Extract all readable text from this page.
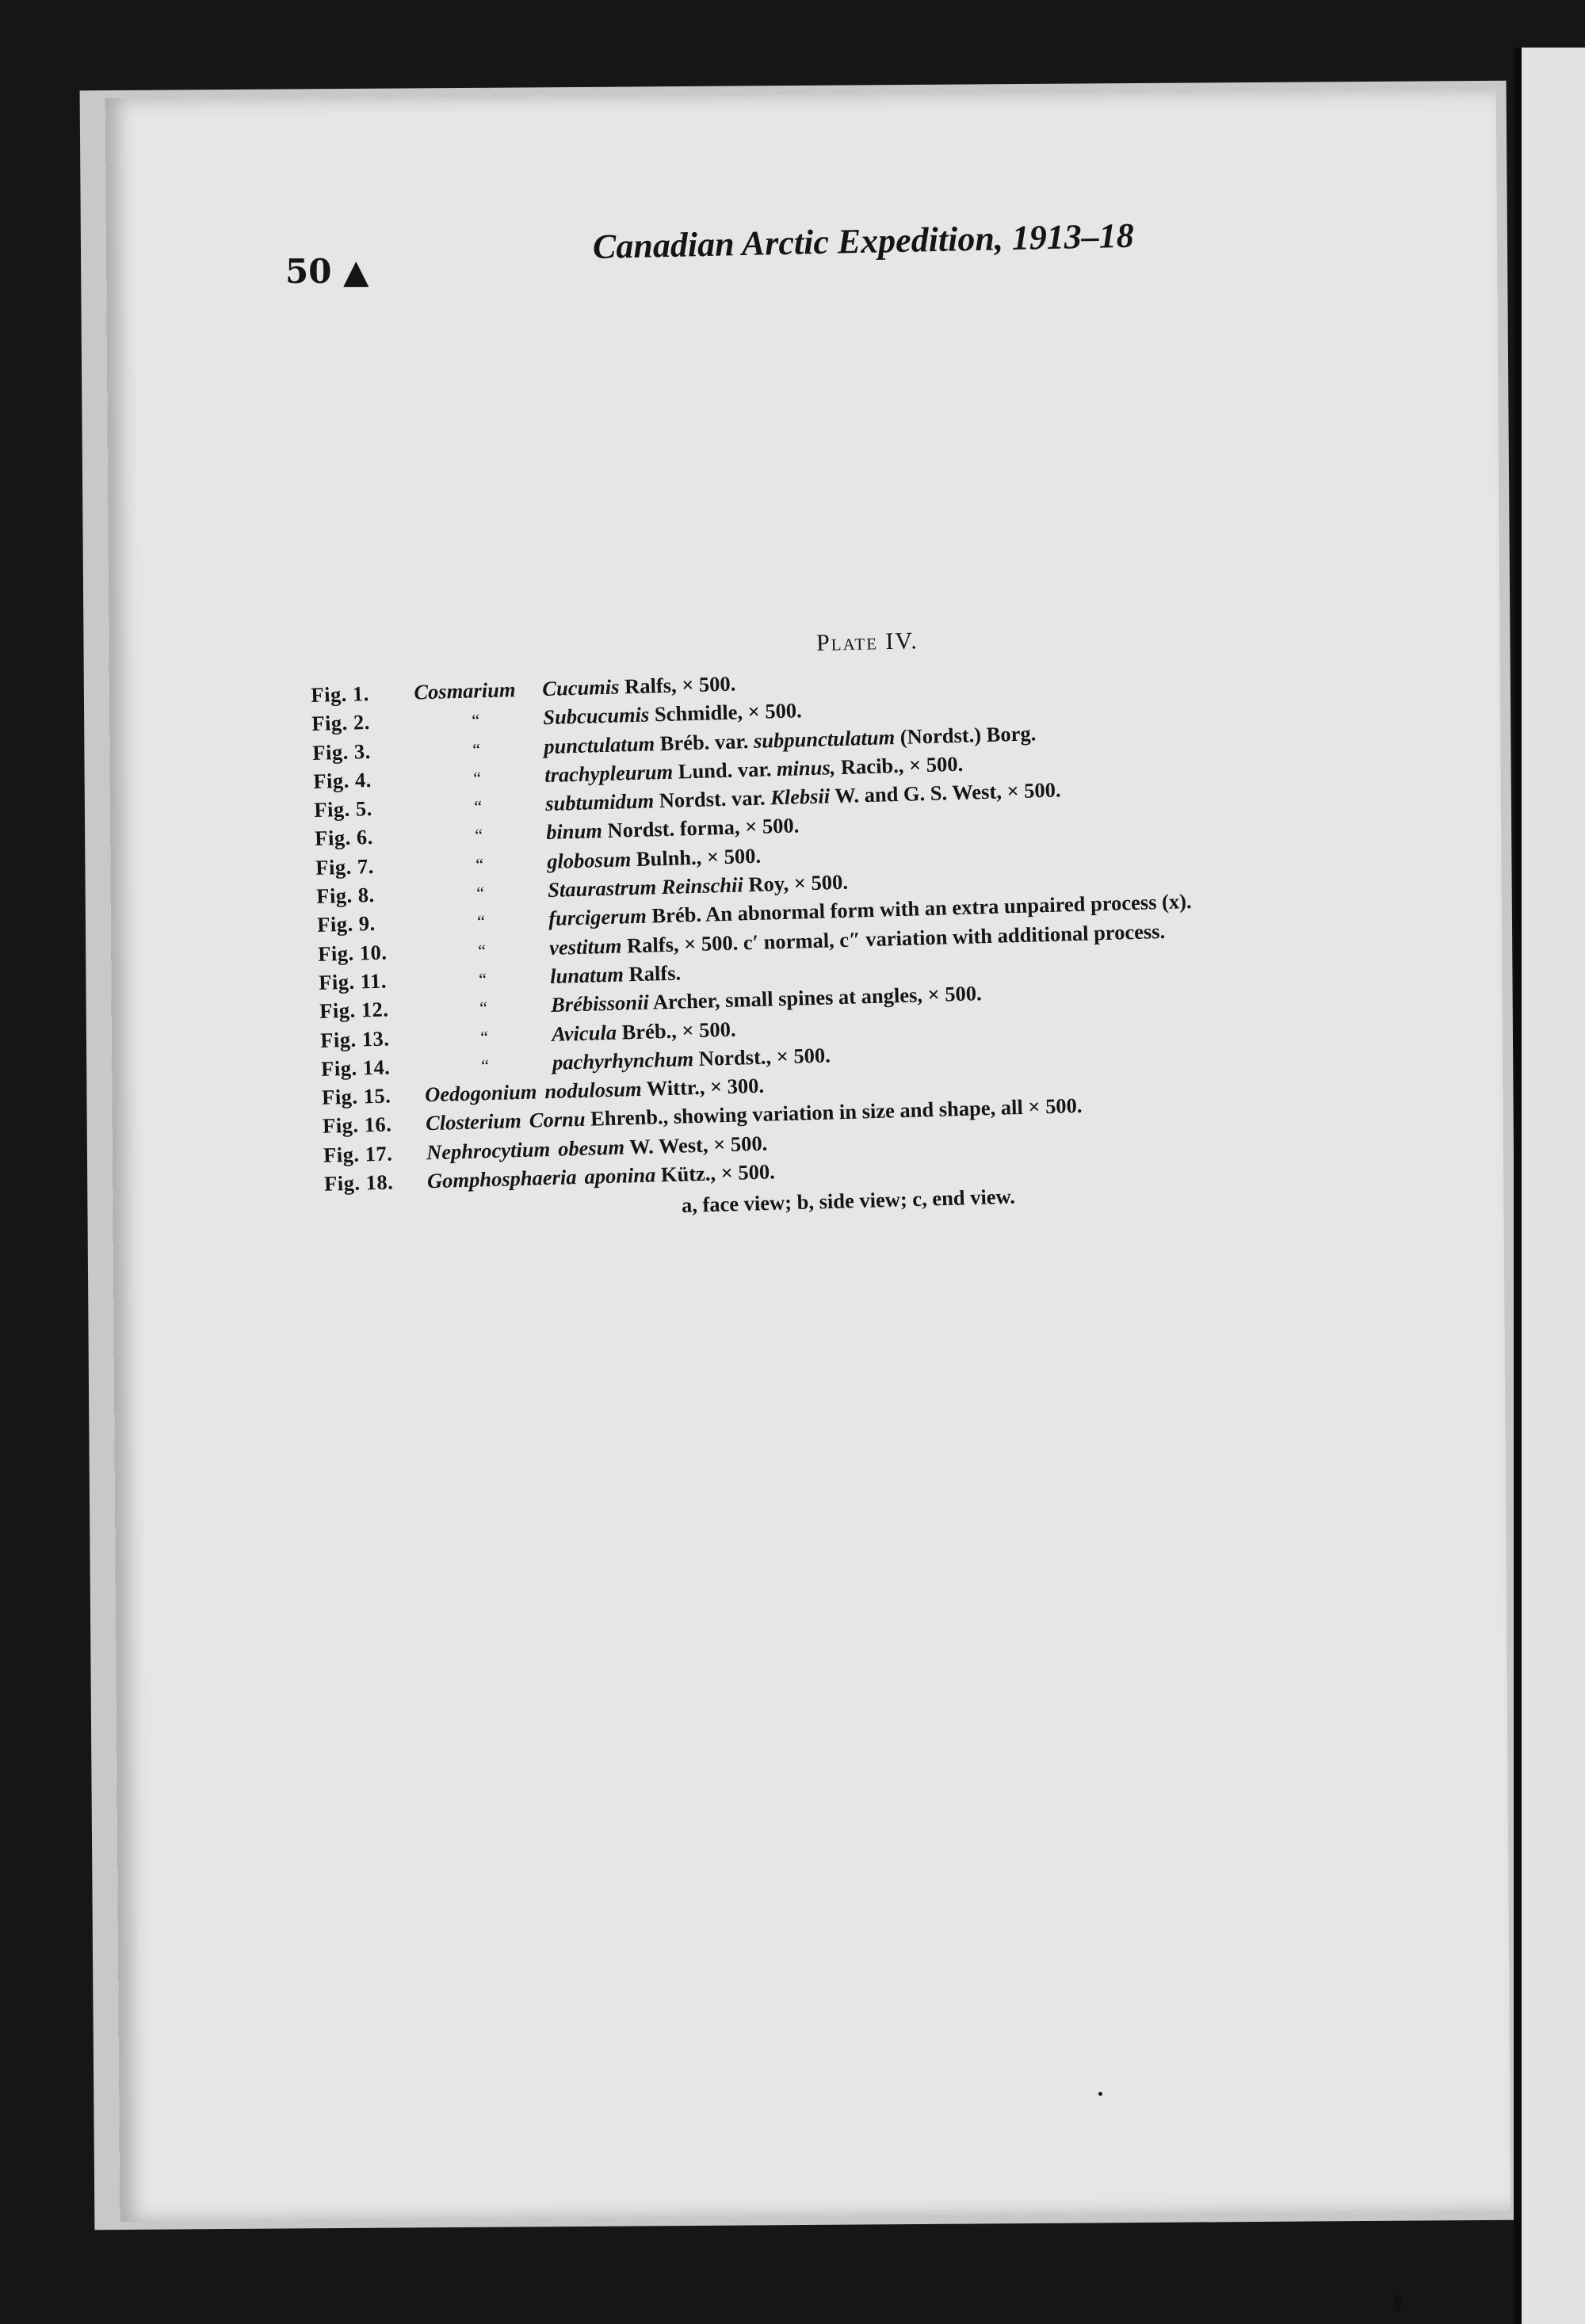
50 ▲
Canadian Arctic Expedition, 1913–18
Plate IV.
Fig. 1.	Cosmarium	Cucumis Ralfs, × 500.
Fig. 2.	“	Subcucumis Schmidle, × 500.
Fig. 3.	“	punctulatum Bréb. var. subpunctulatum (Nordst.) Borg.
Fig. 4.	“	trachypleurum Lund. var. minus, Racib., × 500.
Fig. 5.	“	subtumidum Nordst. var. Klebsii W. and G. S. West, × 500.
Fig. 6.	“	binum Nordst. forma, × 500.
Fig. 7.	“	globosum Bulnh., × 500.
Fig. 8.	“	Staurastrum Reinschii Roy, × 500.
Fig. 9.	“	furcigerum Bréb. An abnormal form with an extra unpaired process (x).
Fig. 10.	“	vestitum Ralfs, × 500. c′ normal, c″ variation with additional process.
Fig. 11.	“	lunatum Ralfs.
Fig. 12.	“	Brébissonii Archer, small spines at angles, × 500.
Fig. 13.	“	Avicula Bréb., × 500.
Fig. 14.	“	pachyrhynchum Nordst., × 500.
Fig. 15.	Oedogonium nodulosum Wittr., × 300.
Fig. 16.	Closterium Cornu Ehrenb., showing variation in size and shape, all × 500.
Fig. 17.	Nephrocytium obesum W. West, × 500.
Fig. 18.	Gomphosphaeria aponina Kütz., × 500.
a, face view; b, side view; c, end view.
